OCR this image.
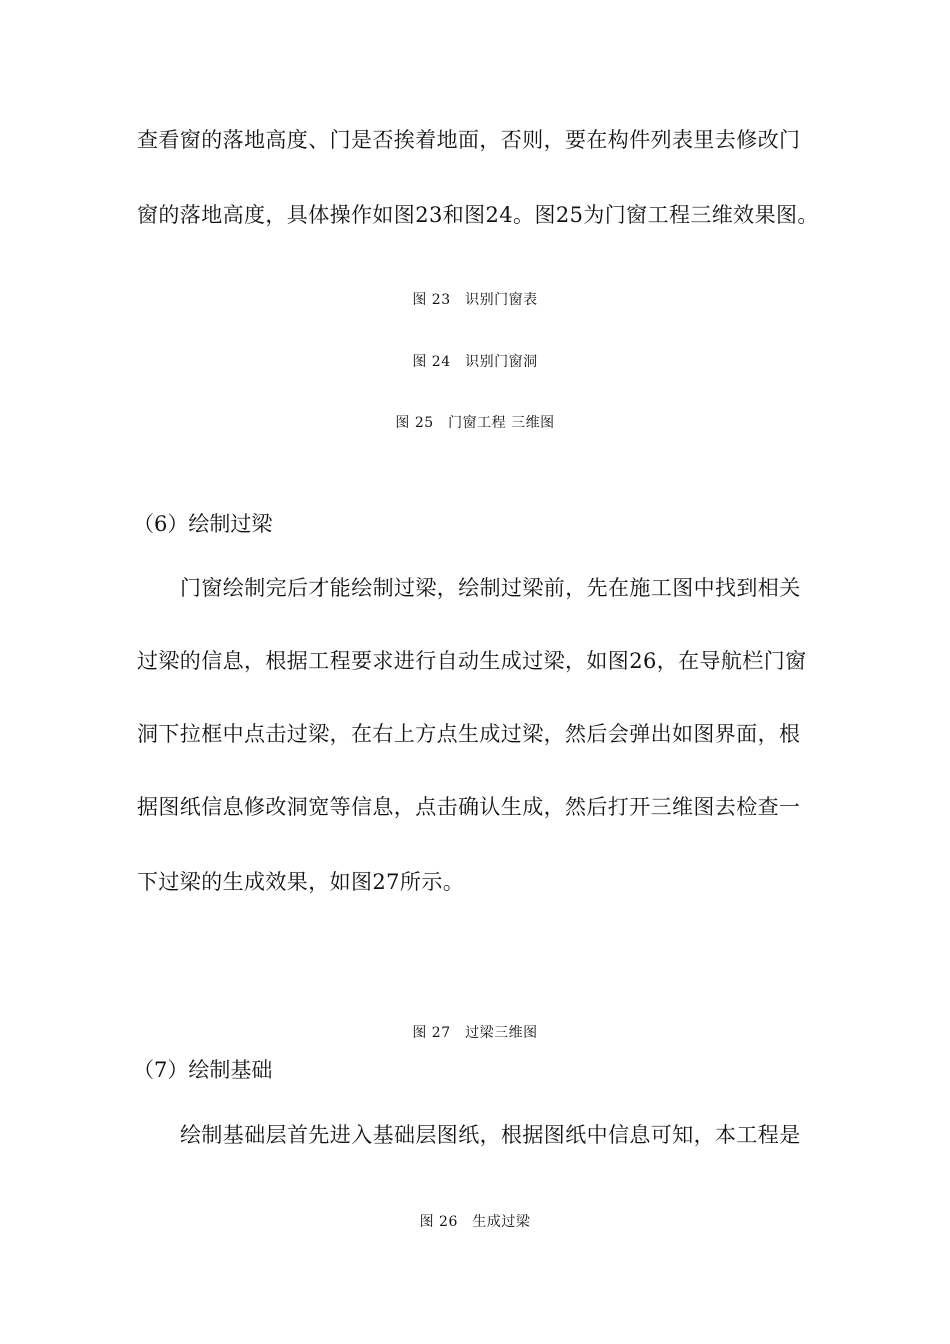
查看窗的落地高度、门是否挨着地面，否则，要在构件列表里去修改门
窗的落地高度，具体操作如图23和图24。图25为门窗工程三维效果图。
图 23　识别门窗表
图 24　识别门窗洞
图 25　门窗工程 三维图
（6）绘制过梁
门窗绘制完后才能绘制过梁，绘制过梁前，先在施工图中找到相关
过梁的信息，根据工程要求进行自动生成过梁，如图26，在导航栏门窗
洞下拉框中点击过梁，在右上方点生成过梁，然后会弹出如图界面，根
据图纸信息修改洞宽等信息，点击确认生成，然后打开三维图去检查一
下过梁的生成效果，如图27所示。
图 27　过梁三维图
（7）绘制基础
绘制基础层首先进入基础层图纸，根据图纸中信息可知，本工程是
图 26　生成过梁
